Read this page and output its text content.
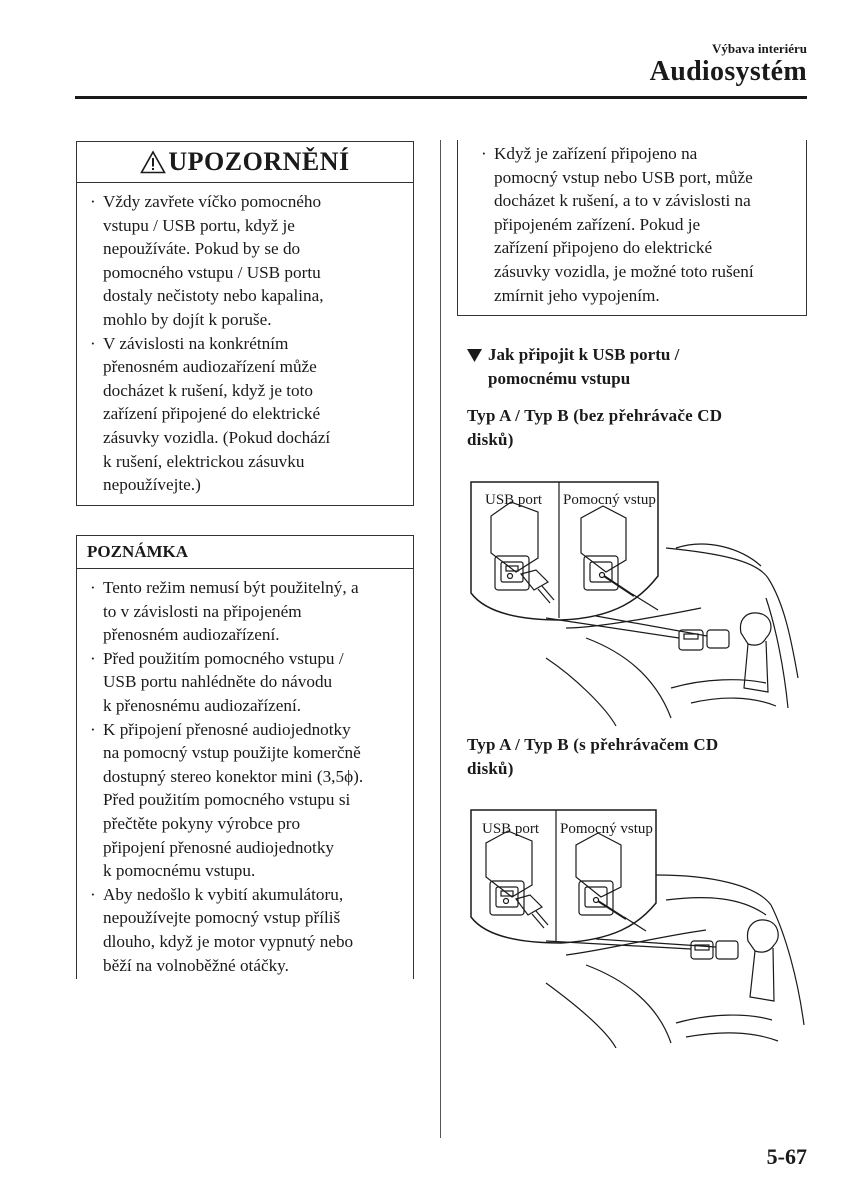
Výbava interiéru
Audiosystém
UPOZORNĚNÍ
· Vždy zavřete víčko pomocného
vstupu / USB portu, když je
nepoužíváte. Pokud by se do
pomocného vstupu / USB portu
dostaly nečistoty nebo kapalina,
mohlo by dojít k poruše.
· V závislosti na konkrétním
přenosném audiozařízení může
docházet k rušení, když je toto
zařízení připojené do elektrické
zásuvky vozidla. (Pokud dochází
k rušení, elektrickou zásuvku
nepoužívejte.)
POZNÁMKA
· Tento režim nemusí být použitelný, a
to v závislosti na připojeném
přenosném audiozařízení.
· Před použitím pomocného vstupu /
USB portu nahlédněte do návodu
k přenosnému audiozařízení.
· K připojení přenosné audiojednotky
na pomocný vstup použijte komerčně
dostupný stereo konektor mini (3,5ϕ).
Před použitím pomocného vstupu si
přečtěte pokyny výrobce pro
připojení přenosné audiojednotky
k pomocnému vstupu.
· Aby nedošlo k vybití akumulátoru,
nepoužívejte pomocný vstup příliš
dlouho, když je motor vypnutý nebo
běží na volnoběžné otáčky.
· Když je zařízení připojeno na
pomocný vstup nebo USB port, může
docházet k rušení, a to v závislosti na
připojeném zařízení. Pokud je
zařízení připojeno do elektrické
zásuvky vozidla, je možné toto rušení
zmírnit jeho vypojením.
Jak připojit k USB portu /
pomocnému vstupu
Typ A / Typ B (bez přehrávače CD
disků)
USB port Pomocný vstup
Typ A / Typ B (s přehrávačem CD
disků)
USB port Pomocný vstup
5-67
